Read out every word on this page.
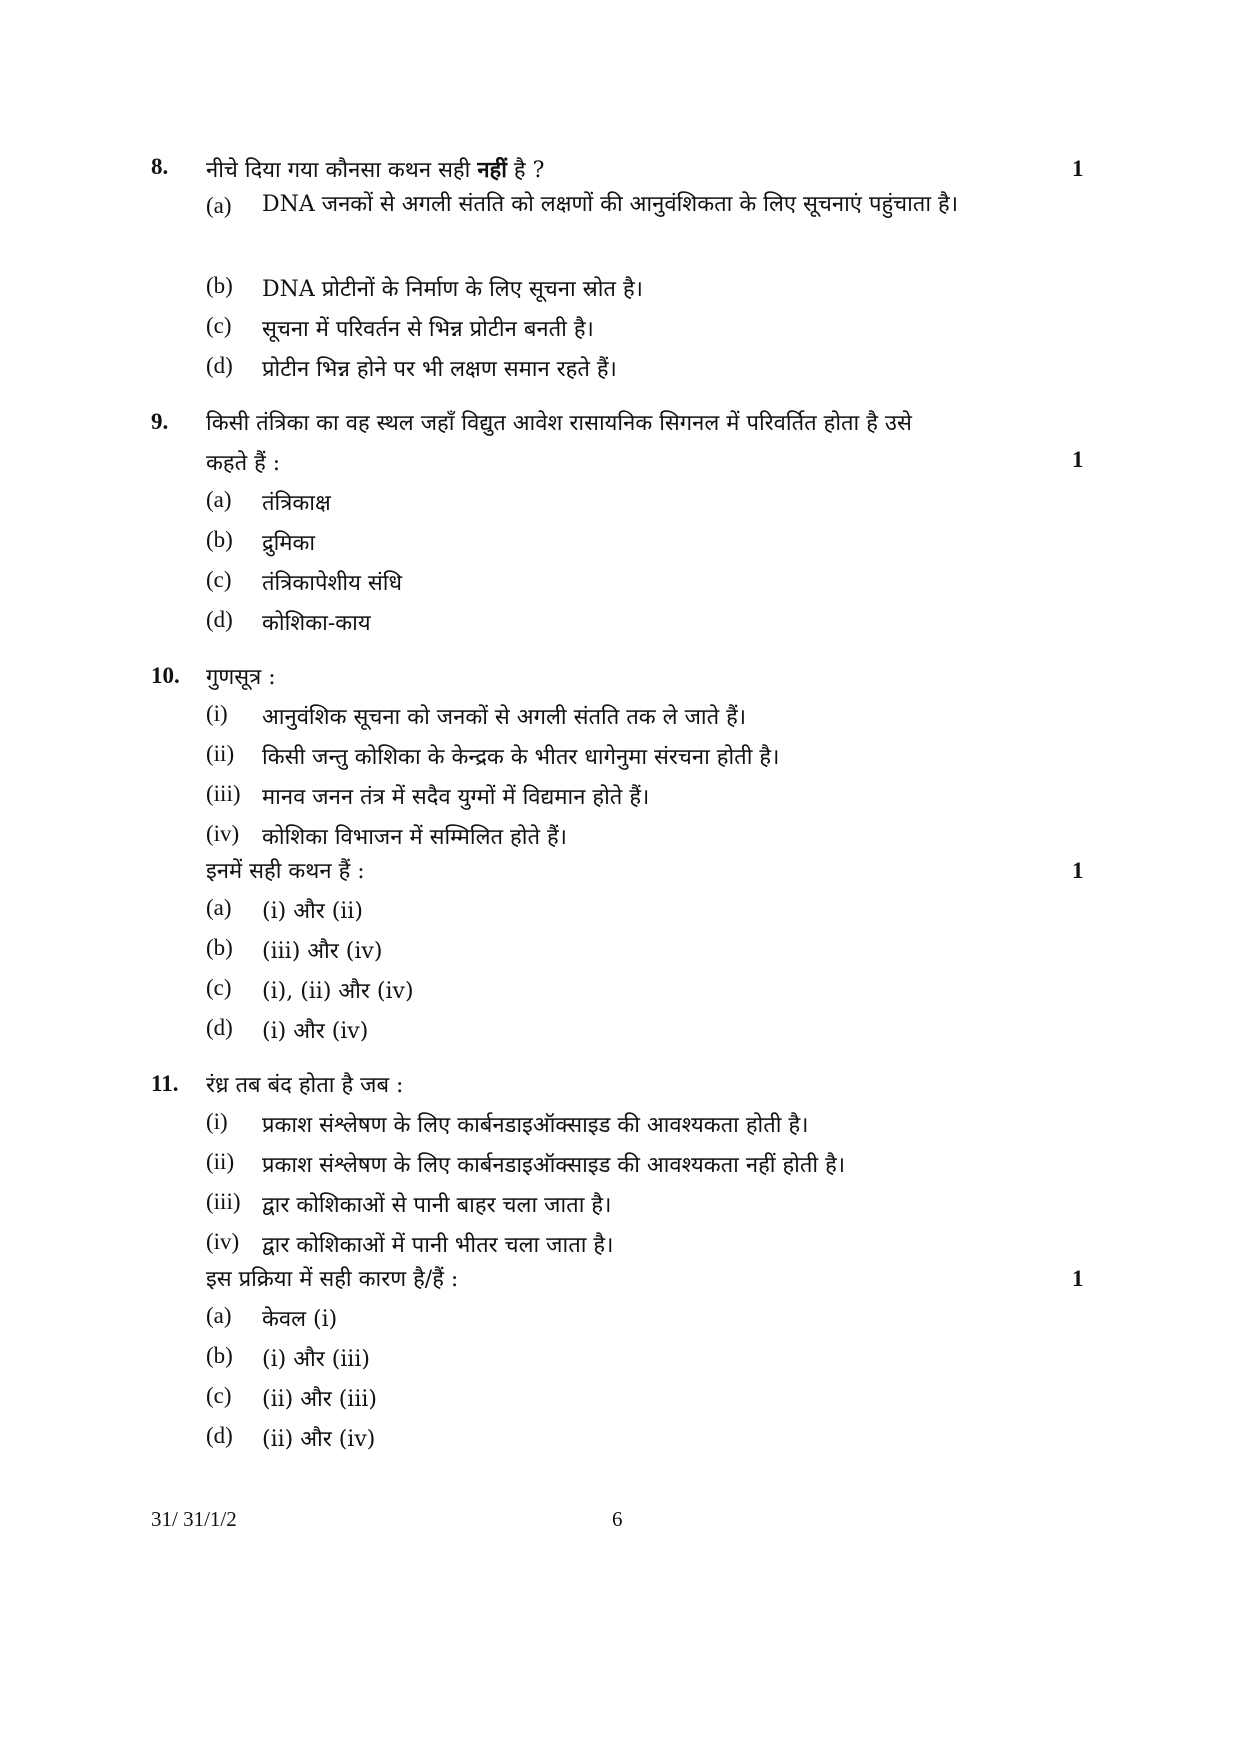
8. नीचे दिया गया कौनसा कथन सही नहीं है ?	1
(a) DNA जनकों से अगली संतति को लक्षणों की आनुवंशिकता के लिए सूचनाएं पहुंचाता है।
(b) DNA प्रोटीनों के निर्माण के लिए सूचना स्रोत है।
(c) सूचना में परिवर्तन से भिन्न प्रोटीन बनती है।
(d) प्रोटीन भिन्न होने पर भी लक्षण समान रहते हैं।
9. किसी तंत्रिका का वह स्थल जहाँ विद्युत आवेश रासायनिक सिगनल में परिवर्तित होता है उसे
कहते हैं :	1
(a) तंत्रिकाक्ष
(b) द्रुमिका
(c) तंत्रिकापेशीय संधि
(d) कोशिका-काय
10. गुणसूत्र :
(i) आनुवंशिक सूचना को जनकों से अगली संतति तक ले जाते हैं।
(ii) किसी जन्तु कोशिका के केन्द्रक के भीतर धागेनुमा संरचना होती है।
(iii) मानव जनन तंत्र में सदैव युग्मों में विद्यमान होते हैं।
(iv) कोशिका विभाजन में सम्मिलित होते हैं।
इनमें सही कथन हैं :	1
(a) (i) और (ii)
(b) (iii) और (iv)
(c) (i), (ii) और (iv)
(d) (i) और (iv)
11. रंध्र तब बंद होता है जब :
(i) प्रकाश संश्लेषण के लिए कार्बनडाइऑक्साइड की आवश्यकता होती है।
(ii) प्रकाश संश्लेषण के लिए कार्बनडाइऑक्साइड की आवश्यकता नहीं होती है।
(iii) द्वार कोशिकाओं से पानी बाहर चला जाता है।
(iv) द्वार कोशिकाओं में पानी भीतर चला जाता है।
इस प्रक्रिया में सही कारण है/हैं :	1
(a) केवल (i)
(b) (i) और (iii)
(c) (ii) और (iii)
(d) (ii) और (iv)
31/ 31/1/2	6
